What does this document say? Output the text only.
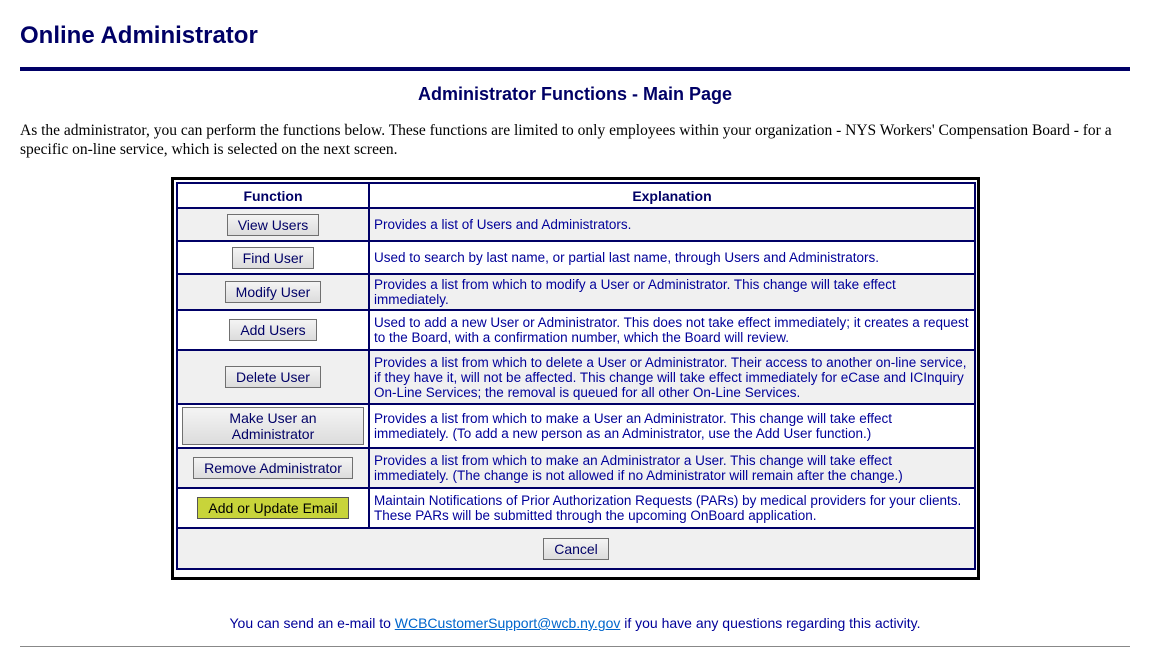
Online Administrator
Administrator Functions - Main Page
As the administrator, you can perform the functions below. These functions are limited to only employees within your organization - NYS Workers' Compensation Board - for a specific on-line service, which is selected on the next screen.
Function	Explanation
View Users	Provides a list of Users and Administrators.
Find User	Used to search by last name, or partial last name, through Users and Administrators.
Modify User	Provides a list from which to modify a User or Administrator. This change will take effect immediately.
Add Users	Used to add a new User or Administrator. This does not take effect immediately; it creates a request to the Board, with a confirmation number, which the Board will review.
Delete User	Provides a list from which to delete a User or Administrator. Their access to another on-line service, if they have it, will not be affected. This change will take effect immediately for eCase and ICInquiry On-Line Services; the removal is queued for all other On-Line Services.
Make User an Administrator	Provides a list from which to make a User an Administrator. This change will take effect immediately. (To add a new person as an Administrator, use the Add User function.)
Remove Administrator	Provides a list from which to make an Administrator a User. This change will take effect immediately. (The change is not allowed if no Administrator will remain after the change.)
Add or Update Email	Maintain Notifications of Prior Authorization Requests (PARs) by medical providers for your clients. These PARs will be submitted through the upcoming OnBoard application.
Cancel	
You can send an e-mail to WCBCustomerSupport@wcb.ny.gov if you have any questions regarding this activity.
